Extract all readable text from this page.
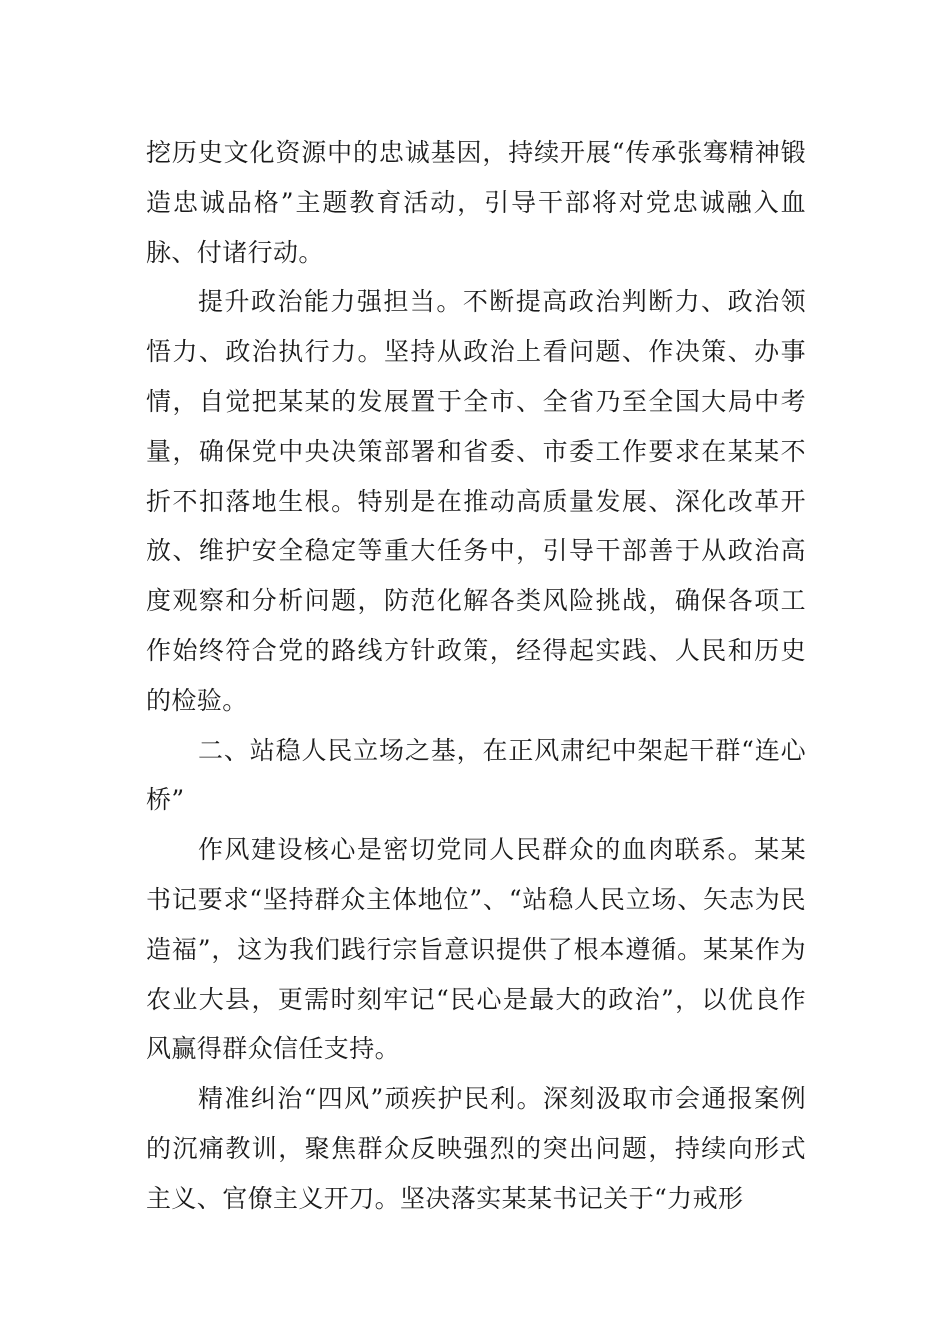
挖历史文化资源中的忠诚基因，持续开展“传承张骞精神锻造忠诚品格”主题教育活动，引导干部将对党忠诚融入血脉、付诸行动。

提升政治能力强担当。不断提高政治判断力、政治领悟力、政治执行力。坚持从政治上看问题、作决策、办事情，自觉把某某的发展置于全市、全省乃至全国大局中考量，确保党中央决策部署和省委、市委工作要求在某某不折不扣落地生根。特别是在推动高质量发展、深化改革开放、维护安全稳定等重大任务中，引导干部善于从政治高度观察和分析问题，防范化解各类风险挑战，确保各项工作始终符合党的路线方针政策，经得起实践、人民和历史的检验。

二、站稳人民立场之基，在正风肃纪中架起干群“连心桥”

作风建设核心是密切党同人民群众的血肉联系。某某书记要求“坚持群众主体地位”、“站稳人民立场、矢志为民造福”，这为我们践行宗旨意识提供了根本遵循。某某作为农业大县，更需时刻牢记“民心是最大的政治”，以优良作风赢得群众信任支持。

精准纠治“四风”顽疾护民利。深刻汲取市会通报案例的沉痛教训，聚焦群众反映强烈的突出问题，持续向形式主义、官僚主义开刀。坚决落实某某书记关于“力戒形
